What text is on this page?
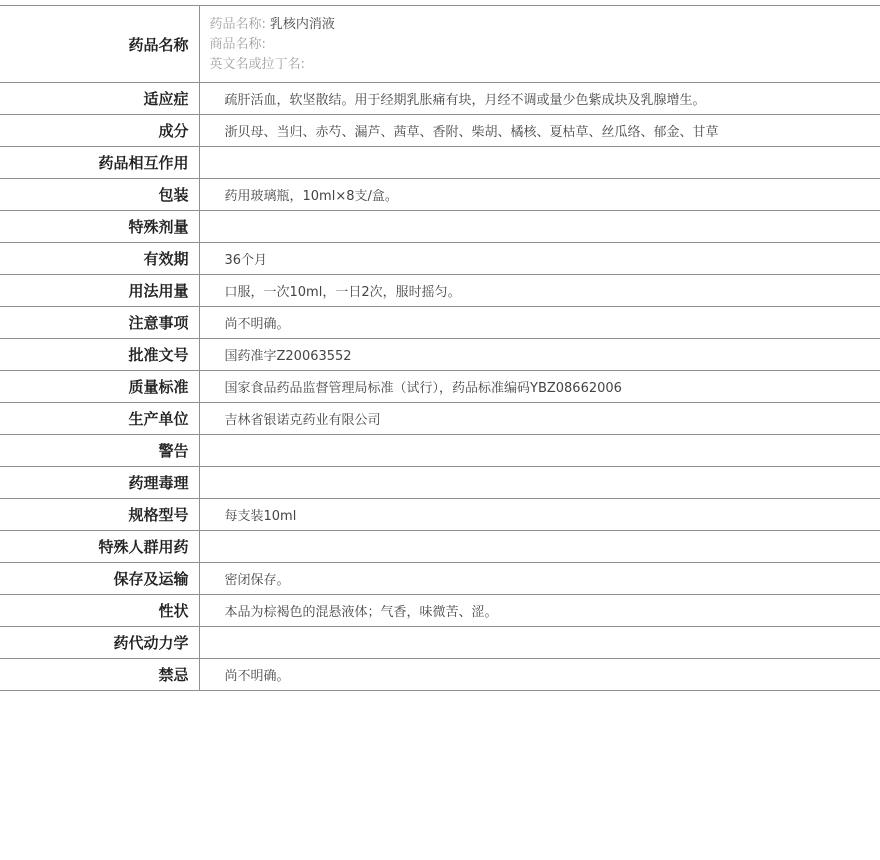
药品名称	药品名称: 乳核内消液
商品名称:
英文名或拉丁名:

适应症	疏肝活血，软坚散结。用于经期乳胀痛有块，月经不调或量少色紫成块及乳腺增生。
成分	浙贝母、当归、赤芍、漏芦、茜草、香附、柴胡、橘核、夏枯草、丝瓜络、郁金、甘草
药品相互作用	
包装	药用玻璃瓶，10ml×8支/盒。
特殊剂量	
有效期	36个月
用法用量	口服，一次10ml，一日2次，服时摇匀。
注意事项	尚不明确。
批准文号	国药准字Z20063552
质量标准	国家食品药品监督管理局标准（试行），药品标准编码YBZ08662006
生产单位	吉林省银诺克药业有限公司
警告	
药理毒理	
规格型号	每支装10ml
特殊人群用药	
保存及运输	密闭保存。
性状	本品为棕褐色的混悬液体；气香，味微苦、涩。
药代动力学	
禁忌	尚不明确。
